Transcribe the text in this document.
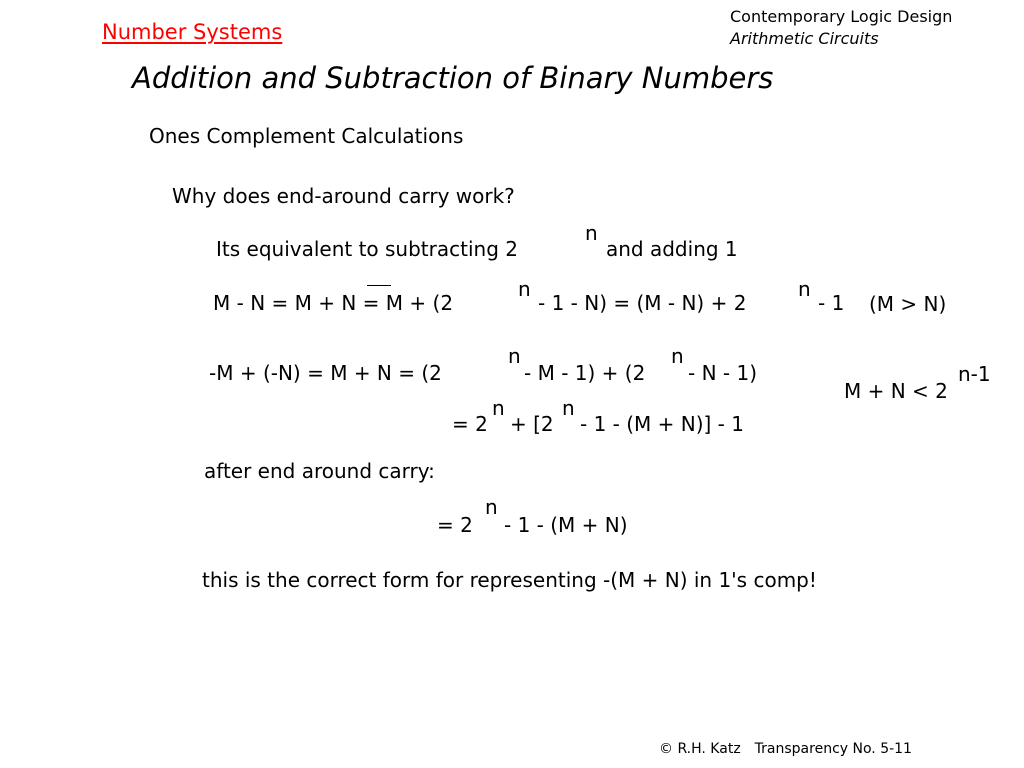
Number Systems
Contemporary Logic Design
Arithmetic Circuits
Addition and Subtraction of Binary Numbers
Ones Complement Calculations
Why does end-around carry work?
Its equivalent to subtracting 2
n
and adding 1
M - N = M + N = M + (2
n
- 1 - N) = (M - N) + 2
n
- 1 (M > N)
-M + (-N) = M + N = (2
n
- M - 1) + (2
n
- N - 1)
M + N < 2
n-1
= 2
n
+ [2
n
- 1 - (M + N)] - 1
after end around carry:
= 2
n
- 1 - (M + N)
this is the correct form for representing -(M + N) in 1's comp!
© R.H. Katz Transparency No. 5-11
